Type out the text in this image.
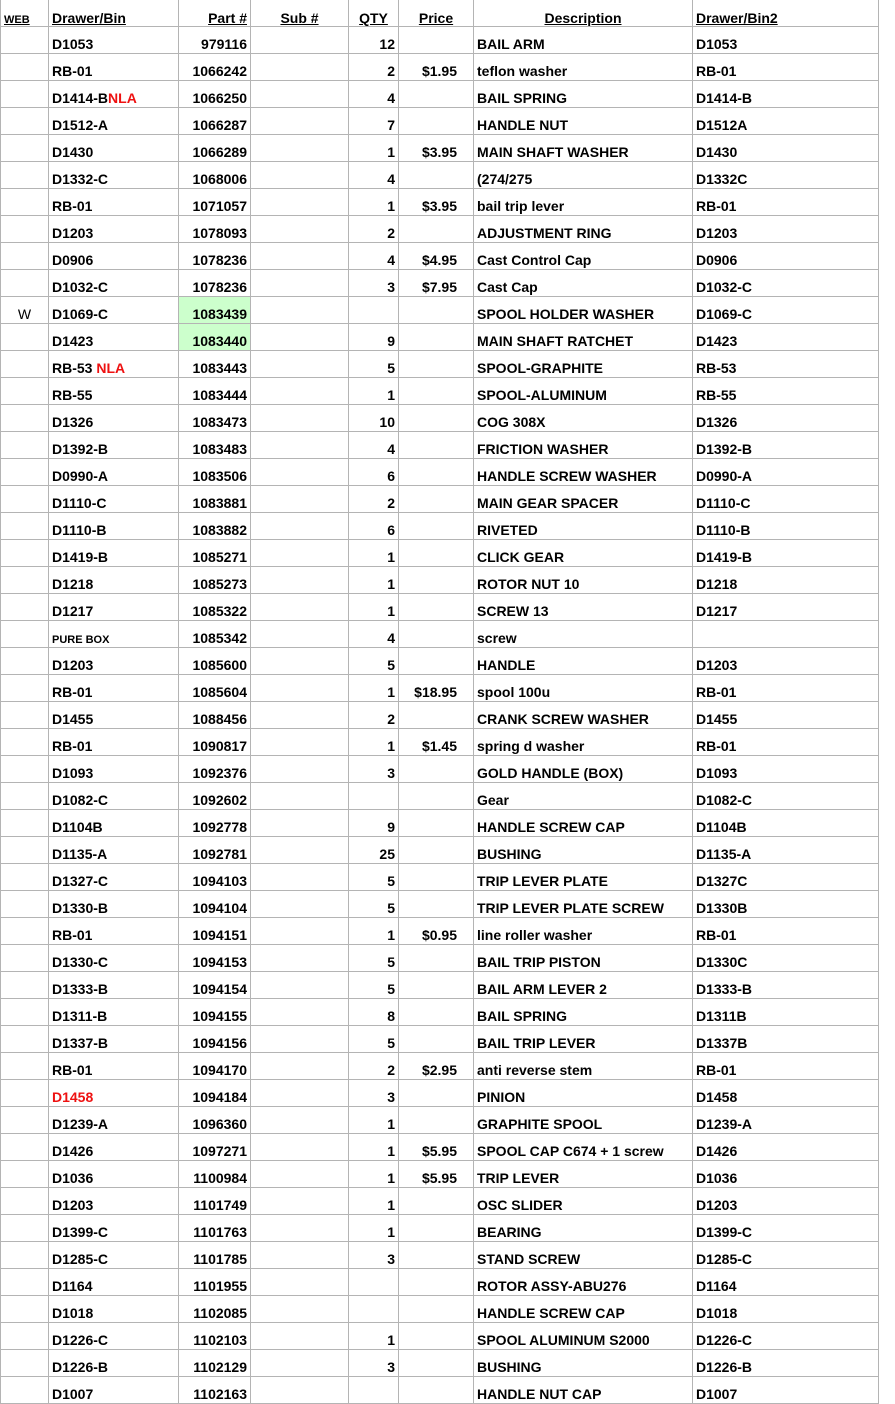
WEB	Drawer/Bin	Part #	Sub #	QTY	Price	Description	Drawer/Bin2
	D1053	979116		12		BAIL ARM	D1053
	RB-01	1066242		2	$1.95	teflon washer	RB-01
	D1414-BNLA	1066250		4		BAIL SPRING	D1414-B
	D1512-A	1066287		7		HANDLE NUT	D1512A
	D1430	1066289		1	$3.95	MAIN SHAFT WASHER	D1430
	D1332-C	1068006		4		(274/275	D1332C
	RB-01	1071057		1	$3.95	bail trip lever	RB-01
	D1203	1078093		2		ADJUSTMENT RING	D1203
	D0906	1078236		4	$4.95	Cast Control Cap	D0906
	D1032-C	1078236		3	$7.95	Cast Cap	D1032-C
W	D1069-C	1083439				SPOOL HOLDER WASHER	D1069-C
	D1423	1083440		9		MAIN SHAFT RATCHET	D1423
	RB-53 NLA	1083443		5		SPOOL-GRAPHITE	RB-53
	RB-55	1083444		1		SPOOL-ALUMINUM	RB-55
	D1326	1083473		10		COG 308X	D1326
	D1392-B	1083483		4		FRICTION WASHER	D1392-B
	D0990-A	1083506		6		HANDLE SCREW WASHER	D0990-A
	D1110-C	1083881		2		MAIN GEAR SPACER	D1110-C
	D1110-B	1083882		6		RIVETED	D1110-B
	D1419-B	1085271		1		CLICK GEAR	D1419-B
	D1218	1085273		1		ROTOR NUT 10	D1218
	D1217	1085322		1		SCREW 13	D1217
	PURE BOX	1085342		4		screw	
	D1203	1085600		5		HANDLE	D1203
	RB-01	1085604		1	$18.95	spool 100u	RB-01
	D1455	1088456		2		CRANK SCREW WASHER	D1455
	RB-01	1090817		1	$1.45	spring d washer	RB-01
	D1093	1092376		3		GOLD HANDLE (BOX)	D1093
	D1082-C	1092602				Gear	D1082-C
	D1104B	1092778		9		HANDLE SCREW CAP	D1104B
	D1135-A	1092781		25		BUSHING	D1135-A
	D1327-C	1094103		5		TRIP LEVER PLATE	D1327C
	D1330-B	1094104		5		TRIP LEVER PLATE SCREW	D1330B
	RB-01	1094151		1	$0.95	line roller washer	RB-01
	D1330-C	1094153		5		BAIL TRIP PISTON	D1330C
	D1333-B	1094154		5		BAIL ARM LEVER 2	D1333-B
	D1311-B	1094155		8		BAIL SPRING	D1311B
	D1337-B	1094156		5		BAIL TRIP LEVER	D1337B
	RB-01	1094170		2	$2.95	anti reverse stem	RB-01
	D1458	1094184		3		PINION	D1458
	D1239-A	1096360		1		GRAPHITE SPOOL	D1239-A
	D1426	1097271		1	$5.95	SPOOL CAP C674 + 1 screw	D1426
	D1036	1100984		1	$5.95	TRIP LEVER	D1036
	D1203	1101749		1		OSC SLIDER	D1203
	D1399-C	1101763		1		BEARING	D1399-C
	D1285-C	1101785		3		STAND SCREW	D1285-C
	D1164	1101955				ROTOR ASSY-ABU276	D1164
	D1018	1102085				HANDLE SCREW CAP	D1018
	D1226-C	1102103		1		SPOOL ALUMINUM S2000	D1226-C
	D1226-B	1102129		3		BUSHING	D1226-B
	D1007	1102163				HANDLE NUT CAP	D1007
